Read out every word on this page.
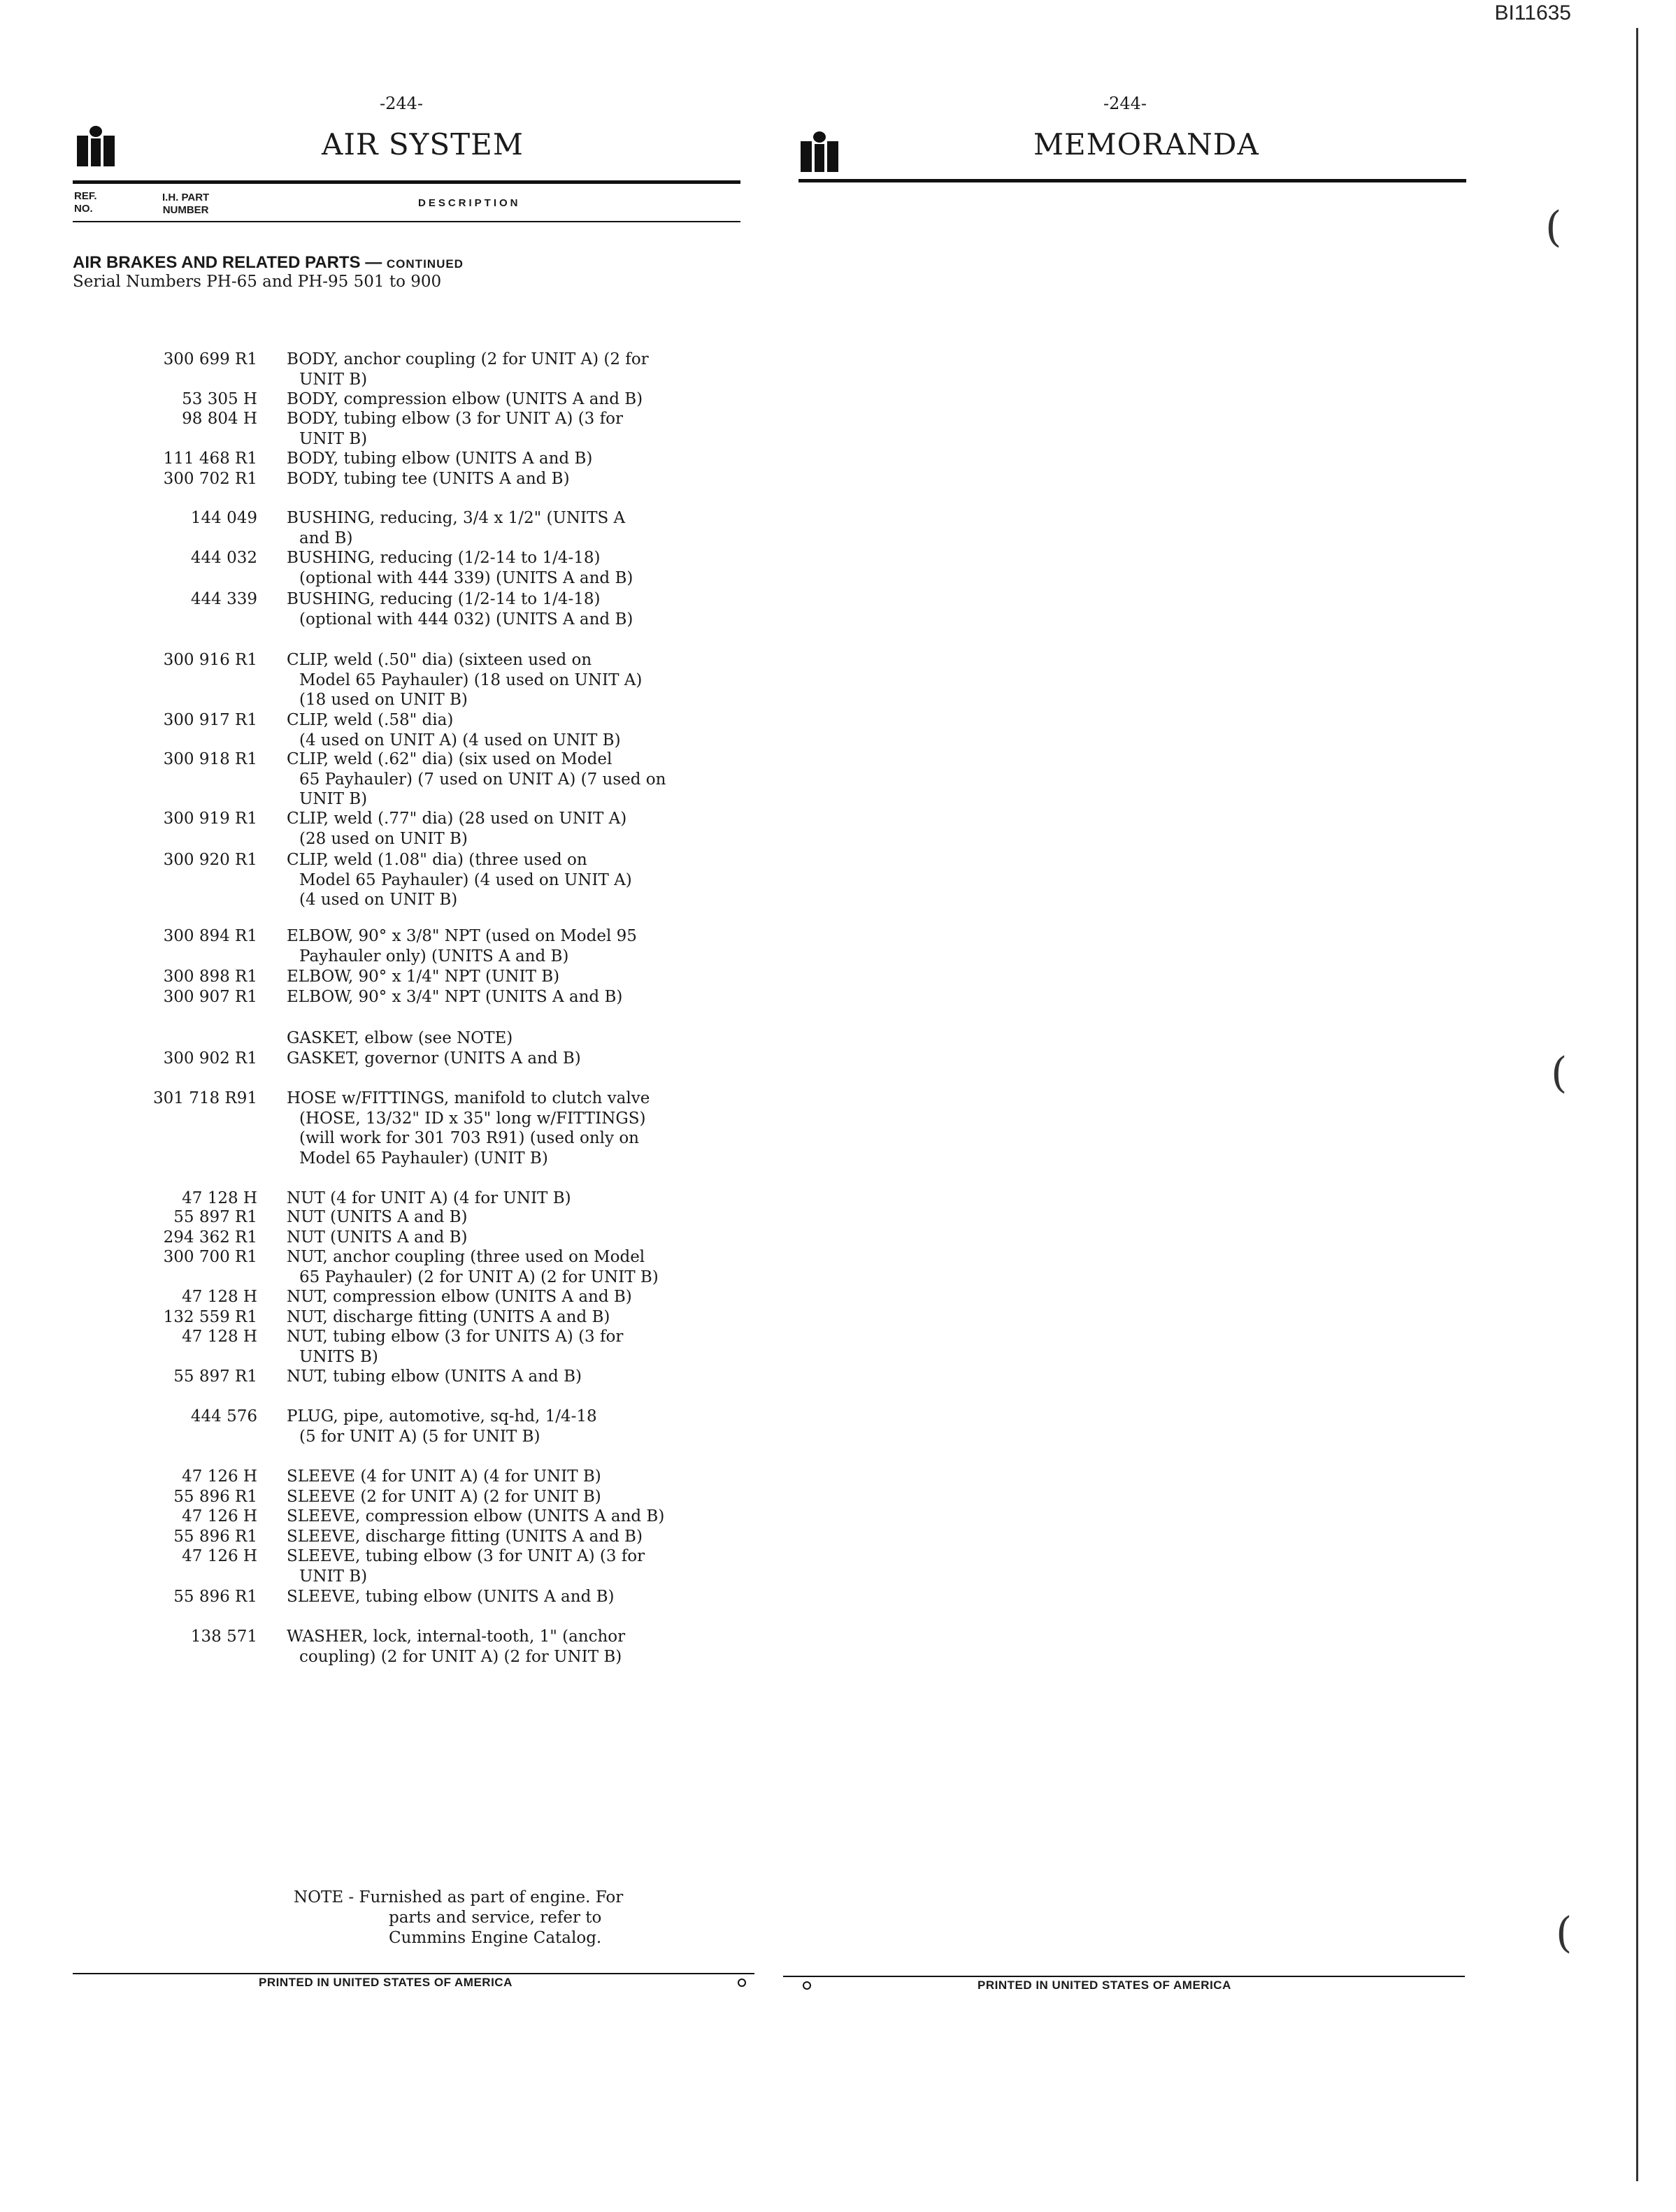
BI11635
-244-
AIR SYSTEM
REF.
NO.
I.H. PART
NUMBER
DESCRIPTION
AIR BRAKES AND RELATED PARTS — CONTINUED
Serial Numbers PH-65 and PH-95 501 to 900
300 699 R1 BODY, anchor coupling (2 for UNIT A) (2 for
UNIT B)
53 305 H BODY, compression elbow (UNITS A and B)
98 804 H BODY, tubing elbow (3 for UNIT A) (3 for
UNIT B)
111 468 R1 BODY, tubing elbow (UNITS A and B)
300 702 R1 BODY, tubing tee (UNITS A and B)
144 049 BUSHING, reducing, 3/4 x 1/2" (UNITS A
and B)
444 032 BUSHING, reducing (1/2-14 to 1/4-18)
(optional with 444 339) (UNITS A and B)
444 339 BUSHING, reducing (1/2-14 to 1/4-18)
(optional with 444 032) (UNITS A and B)
300 916 R1 CLIP, weld (.50" dia) (sixteen used on
Model 65 Payhauler) (18 used on UNIT A)
(18 used on UNIT B)
300 917 R1 CLIP, weld (.58" dia)
(4 used on UNIT A) (4 used on UNIT B)
300 918 R1 CLIP, weld (.62" dia) (six used on Model
65 Payhauler) (7 used on UNIT A) (7 used on
UNIT B)
300 919 R1 CLIP, weld (.77" dia) (28 used on UNIT A)
(28 used on UNIT B)
300 920 R1 CLIP, weld (1.08" dia) (three used on
Model 65 Payhauler) (4 used on UNIT A)
(4 used on UNIT B)
300 894 R1 ELBOW, 90° x 3/8" NPT (used on Model 95
Payhauler only) (UNITS A and B)
300 898 R1 ELBOW, 90° x 1/4" NPT (UNIT B)
300 907 R1 ELBOW, 90° x 3/4" NPT (UNITS A and B)
GASKET, elbow (see NOTE)
300 902 R1 GASKET, governor (UNITS A and B)
301 718 R91 HOSE w/FITTINGS, manifold to clutch valve
(HOSE, 13/32" ID x 35" long w/FITTINGS)
(will work for 301 703 R91) (used only on
Model 65 Payhauler) (UNIT B)
47 128 H NUT (4 for UNIT A) (4 for UNIT B)
55 897 R1 NUT (UNITS A and B)
294 362 R1 NUT (UNITS A and B)
300 700 R1 NUT, anchor coupling (three used on Model
65 Payhauler) (2 for UNIT A) (2 for UNIT B)
47 128 H NUT, compression elbow (UNITS A and B)
132 559 R1 NUT, discharge fitting (UNITS A and B)
47 128 H NUT, tubing elbow (3 for UNITS A) (3 for
UNITS B)
55 897 R1 NUT, tubing elbow (UNITS A and B)
444 576 PLUG, pipe, automotive, sq-hd, 1/4-18
(5 for UNIT A) (5 for UNIT B)
47 126 H SLEEVE (4 for UNIT A) (4 for UNIT B)
55 896 R1 SLEEVE (2 for UNIT A) (2 for UNIT B)
47 126 H SLEEVE, compression elbow (UNITS A and B)
55 896 R1 SLEEVE, discharge fitting (UNITS A and B)
47 126 H SLEEVE, tubing elbow (3 for UNIT A) (3 for
UNIT B)
55 896 R1 SLEEVE, tubing elbow (UNITS A and B)
138 571 WASHER, lock, internal-tooth, 1" (anchor
coupling) (2 for UNIT A) (2 for UNIT B)
NOTE - Furnished as part of engine. For
parts and service, refer to
Cummins Engine Catalog.
PRINTED IN UNITED STATES OF AMERICA
-244-
MEMORANDA
PRINTED IN UNITED STATES OF AMERICA
(
(
(
